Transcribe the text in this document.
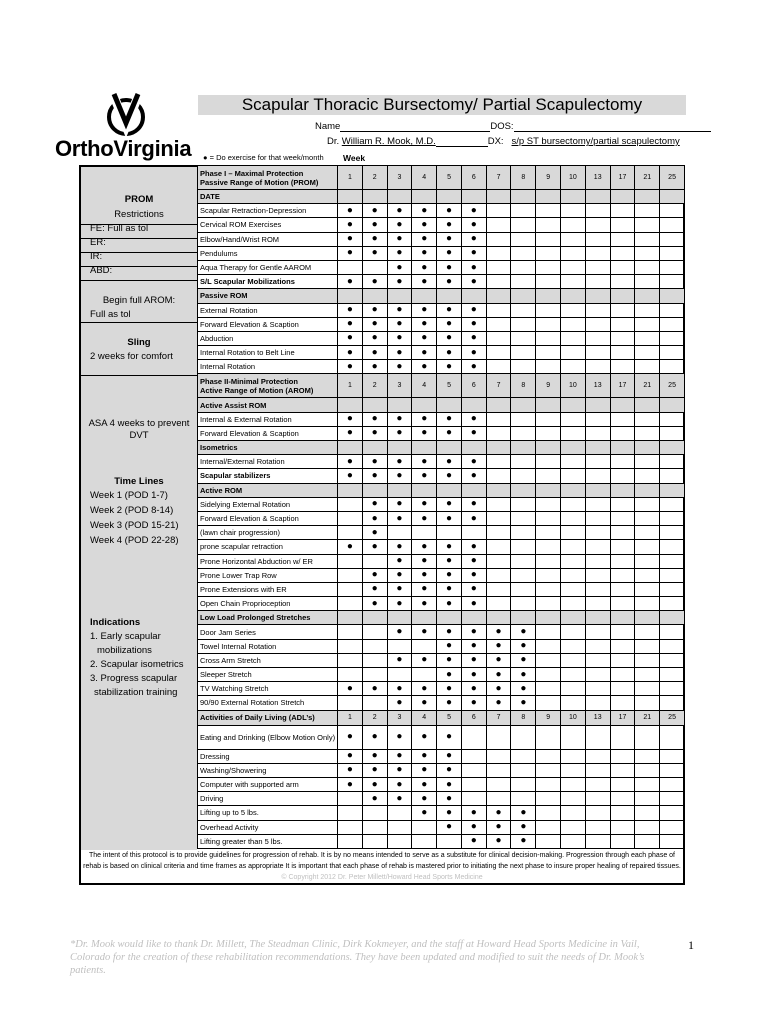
OrthoVirginia
Scapular Thoracic Bursectomy/ Partial Scapulectomy
Name	DOS:
Dr. William R. Mook, M.D.	DX: s/p ST bursectomy/partial scapulectomy
● = Do exercise for that week/month Week
PROM
Restrictions
FE: Full as tol
ER:
IR:
ABD:
Begin full AROM:
Full as tol
Sling
2 weeks for comfort
ASA 4 weeks to prevent DVT
Time Lines
Week 1 (POD 1-7)
Week 2 (POD 8-14)
Week 3 (POD 15-21)
Week 4 (POD 22-28)
Indications
1. Early scapular
mobilizations
2. Scapular isometrics
3. Progress scapular
stabilization training
Phase I – Maximal Protection
Passive Range of Motion (PROM)	1	2	3	4	5	6	7	8	9	10	13	17	21	25
DATE														
Scapular Retraction-Depression	●	●	●	●	●	●								
Cervical ROM Exercises	●	●	●	●	●	●								
Elbow/Hand/Wrist ROM	●	●	●	●	●	●								
Pendulums	●	●	●	●	●	●								
Aqua Therapy for Gentle AAROM			●	●	●	●								
S/L Scapular Mobilizations	●	●	●	●	●	●								
Passive ROM														
External Rotation	●	●	●	●	●	●								
Forward Elevation & Scaption	●	●	●	●	●	●								
Abduction	●	●	●	●	●	●								
Internal Rotation to Belt Line	●	●	●	●	●	●								
Internal Rotation	●	●	●	●	●	●								

Phase II-Minimal Protection
Active Range of Motion (AROM)	1	2	3	4	5	6	7	8	9	10	13	17	21	25
Active Assist ROM														
Internal & External Rotation	●	●	●	●	●	●								
Forward Elevation & Scaption	●	●	●	●	●	●								
Isometrics														
Internal/External Rotation	●	●	●	●	●	●								
Scapular stabilizers	●	●	●	●	●	●								
Active ROM														
Sidelying External Rotation		●	●	●	●	●								
Forward Elevation & Scaption		●	●	●	●	●								
(lawn chair progression)		●												
prone scapular retraction	●	●	●	●	●	●								
Prone Horizontal Abduction w/ ER			●	●	●	●								
Prone Lower Trap Row		●	●	●	●	●								
Prone Extensions with ER		●	●	●	●	●								
Open Chain Proprioception		●	●	●	●	●								
Low Load Prolonged Stretches														
Door Jam Series			●	●	●	●	●	●						
Towel Internal Rotation					●	●	●	●						
Cross Arm Stretch			●	●	●	●	●	●						
Sleeper Stretch					●	●	●	●						
TV Watching Stretch	●	●	●	●	●	●	●	●						
90/90 External Rotation Stretch			●	●	●	●	●	●						
Activities of Daily Living (ADL’s)	1	2	3	4	5	6	7	8	9	10	13	17	21	25
Eating and Drinking (Elbow Motion Only)	●	●	●	●	●									
Dressing	●	●	●	●	●									
Washing/Showering	●	●	●	●	●									
Computer with supported arm	●	●	●	●	●									
Driving		●	●	●	●									
Lifting up to 5 lbs.				●	●	●	●	●						
Overhead Activity					●	●	●	●						
Lifting greater than 5 lbs.						●	●	●						
The intent of this protocol is to provide guidelines for progression of rehab. It is by no means intended to serve as a substitute for clinical decision-making. Progression through each phase of rehab is based on clinical criteria and time frames as appropriate It is important that each phase of rehab is mastered prior to initiating the next phase to insure proper healing of repaired tissues. © Copyright 2012 Dr. Peter Millett/Howard Head Sports Medicine
*Dr. Mook would like to thank Dr. Millett, The Steadman Clinic, Dirk Kokmeyer, and the staff at Howard Head Sports Medicine in Vail, Colorado for the creation of these rehabilitation recommendations. They have been updated and modified to suit the needs of Dr. Mook’s patients.
1
